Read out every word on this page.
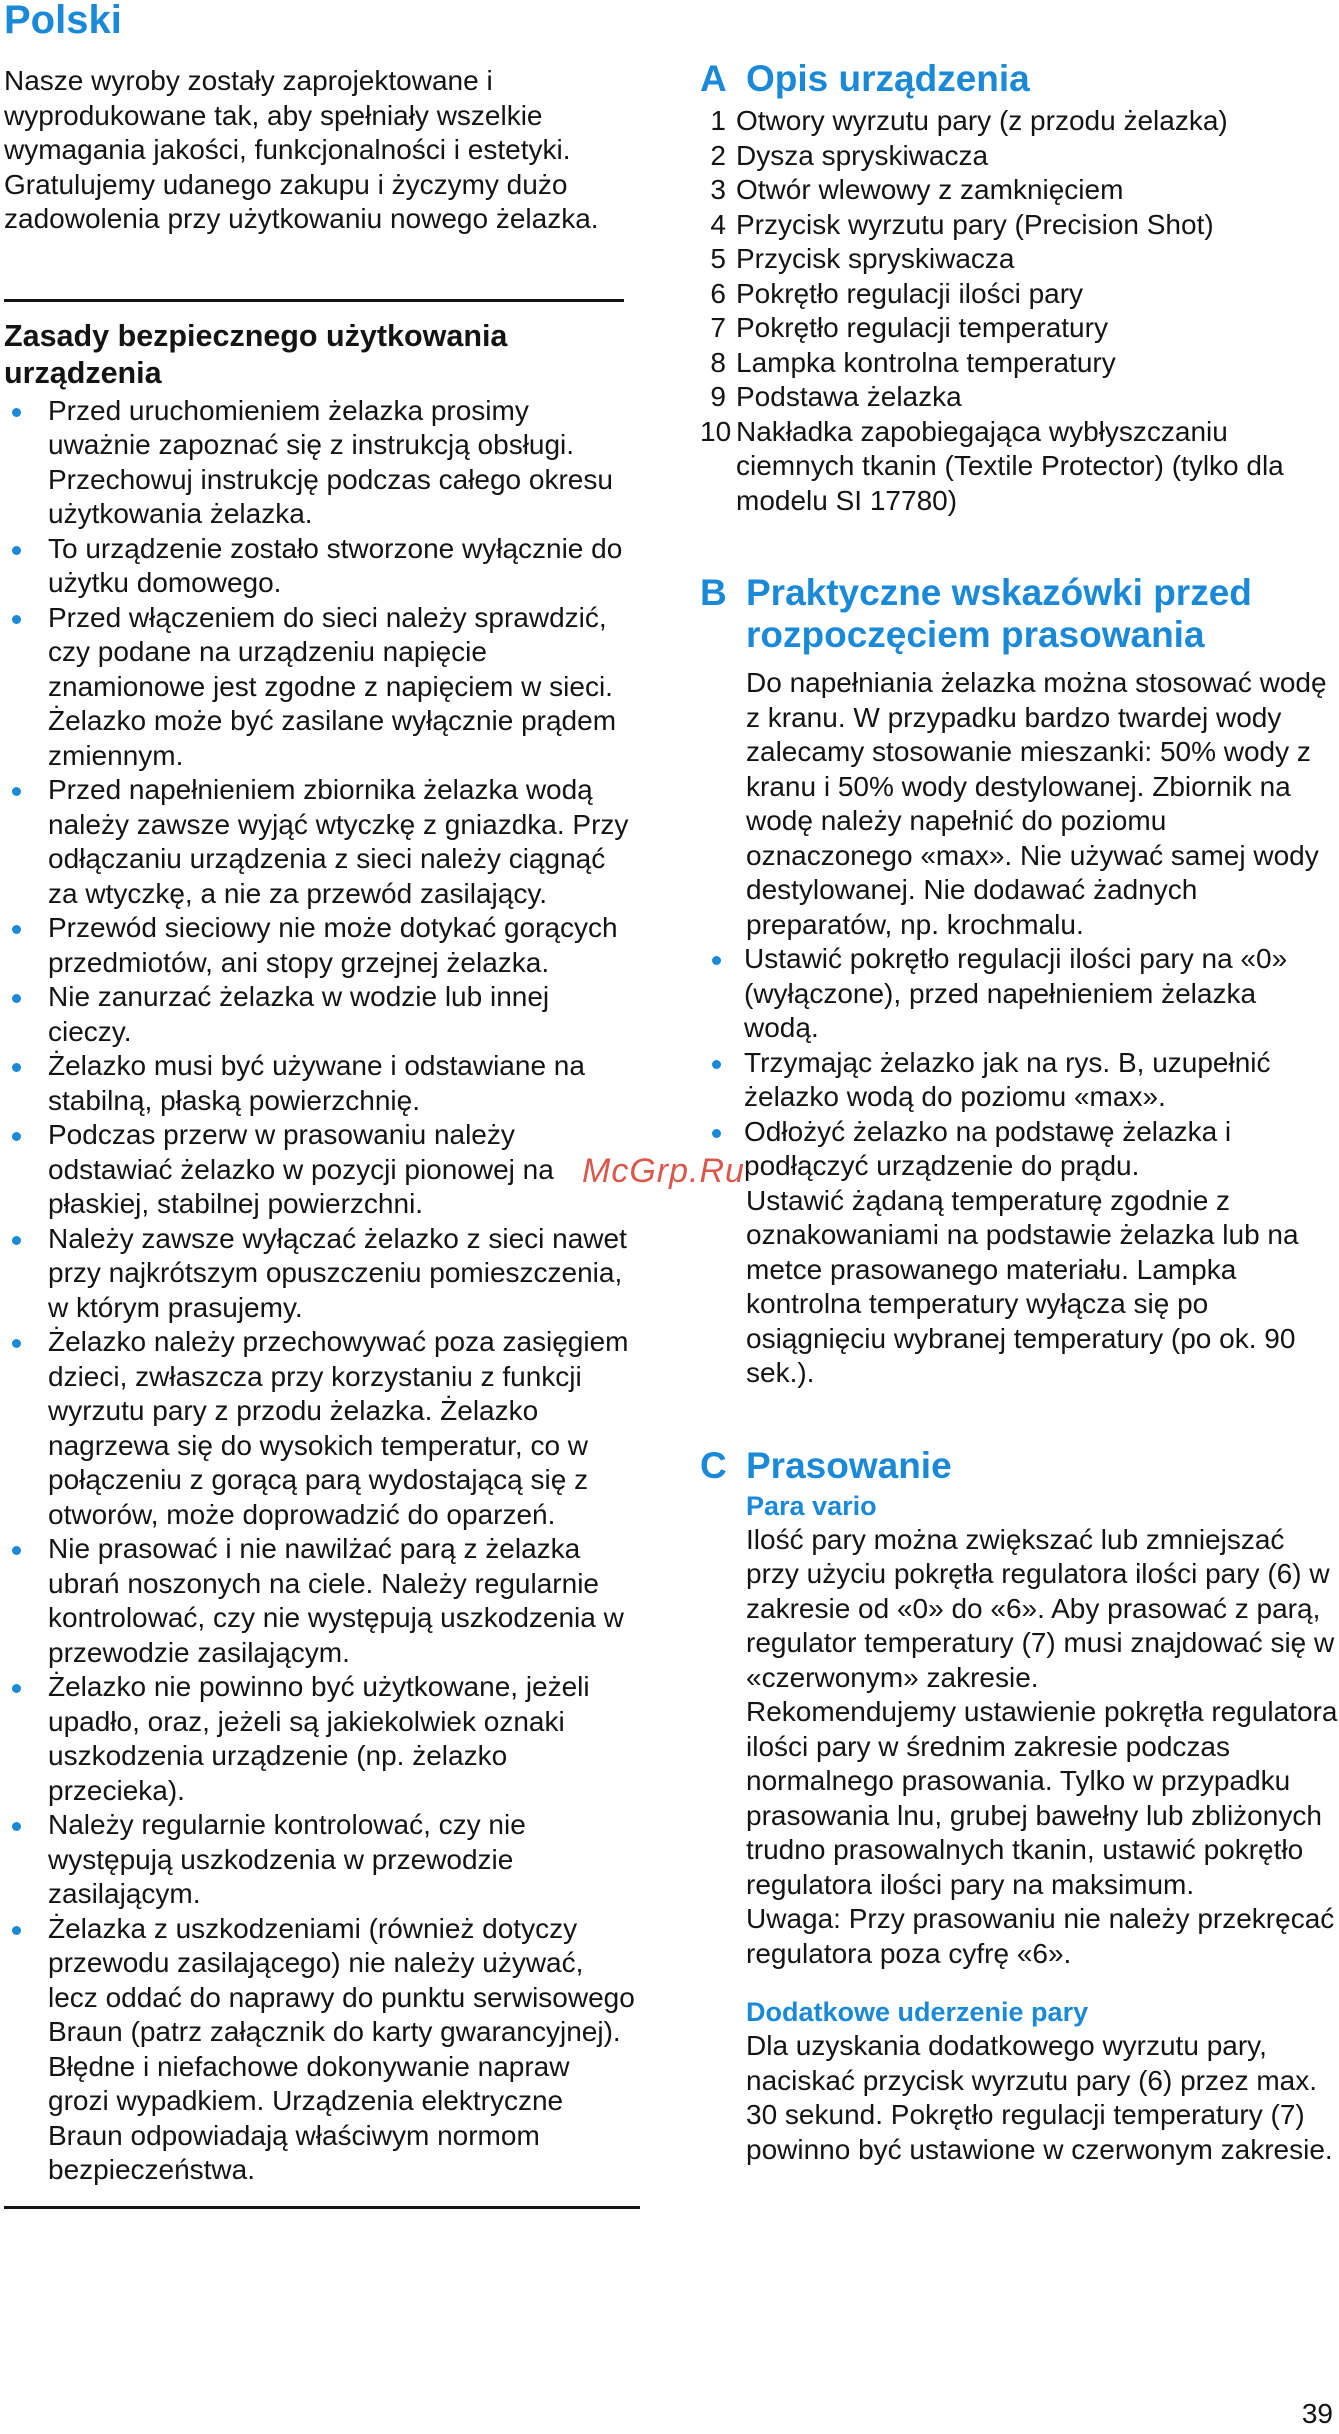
Polski

Nasze wyroby zostały zaprojektowane i wyprodukowane tak, aby spełniały wszelkie wymagania jakości, funkcjonalności i estetyki. Gratulujemy udanego zakupu i życzymy dużo zadowolenia przy użytkowaniu nowego żelazka.

Zasady bezpiecznego użytkowania urządzenia
Przed uruchomieniem żelazka prosimy uważnie zapoznać się z instrukcją obsługi. Przechowuj instrukcję podczas całego okresu użytkowania żelazka.
To urządzenie zostało stworzone wyłącznie do użytku domowego.
Przed włączeniem do sieci należy sprawdzić, czy podane na urządzeniu napięcie znamionowe jest zgodne z napięciem w sieci. Żelazko może być zasilane wyłącznie prądem zmiennym.
Przed napełnieniem zbiornika żelazka wodą należy zawsze wyjąć wtyczkę z gniazdka. Przy odłączaniu urządzenia z sieci należy ciągnąć za wtyczkę, a nie za przewód zasilający.
Przewód sieciowy nie może dotykać gorących przedmiotów, ani stopy grzejnej żelazka.
Nie zanurzać żelazka w wodzie lub innej cieczy.
Żelazko musi być używane i odstawiane na stabilną, płaską powierzchnię.
Podczas przerw w prasowaniu należy odstawiać żelazko w pozycji pionowej na płaskiej, stabilnej powierzchni.
Należy zawsze wyłączać żelazko z sieci nawet przy najkrótszym opuszczeniu pomieszczenia, w którym prasujemy.
Żelazko należy przechowywać poza zasięgiem dzieci, zwłaszcza przy korzystaniu z funkcji wyrzutu pary z przodu żelazka. Żelazko nagrzewa się do wysokich temperatur, co w połączeniu z gorącą parą wydostającą się z otworów, może doprowadzić do oparzeń.
Nie prasować i nie nawilżać parą z żelazka ubrań noszonych na ciele. Należy regularnie kontrolować, czy nie występują uszkodzenia w przewodzie zasilającym.
Żelazko nie powinno być użytkowane, jeżeli upadło, oraz, jeżeli są jakiekolwiek oznaki uszkodzenia urządzenie (np. żelazko przecieka).
Należy regularnie kontrolować, czy nie występują uszkodzenia w przewodzie zasilającym.
Żelazka z uszkodzeniami (również dotyczy przewodu zasilającego) nie należy używać, lecz oddać do naprawy do punktu serwisowego Braun (patrz załącznik do karty gwarancyjnej). Błędne i niefachowe dokonywanie napraw grozi wypadkiem. Urządzenia elektryczne Braun odpowiadają właściwym normom bezpieczeństwa.
A Opis urządzenia
1 Otwory wyrzutu pary (z przodu żelazka)
2 Dysza spryskiwacza
3 Otwór wlewowy z zamknięciem
4 Przycisk wyrzutu pary (Precision Shot)
5 Przycisk spryskiwacza
6 Pokrętło regulacji ilości pary
7 Pokrętło regulacji temperatury
8 Lampka kontrolna temperatury
9 Podstawa żelazka
10 Nakładka zapobiegająca wybłyszczaniu ciemnych tkanin (Textile Protector) (tylko dla modelu SI 17780)
B Praktyczne wskazówki przed rozpoczęciem prasowania

Do napełniania żelazka można stosować wodę z kranu. W przypadku bardzo twardej wody zalecamy stosowanie mieszanki: 50% wody z kranu i 50% wody destylowanej. Zbiornik na wodę należy napełnić do poziomu oznaczonego «max». Nie używać samej wody destylowanej. Nie dodawać żadnych preparatów, np. krochmalu.

Ustawić pokrętło regulacji ilości pary na «0» (wyłączone), przed napełnieniem żelazka wodą.
Trzymając żelazko jak na rys. B, uzupełnić żelazko wodą do poziomu «max».
Odłożyć żelazko na podstawę żelazka i podłączyć urządzenie do prądu.

Ustawić żądaną temperaturę zgodnie z oznakowaniami na podstawie żelazka lub na metce prasowanego materiału. Lampka kontrolna temperatury wyłącza się po osiągnięciu wybranej temperatury (po ok. 90 sek.).

C Prasowanie
Para vario

Ilość pary można zwiększać lub zmniejszać przy użyciu pokrętła regulatora ilości pary (6) w zakresie od «0» do «6». Aby prasować z parą, regulator temperatury (7) musi znajdować się w «czerwonym» zakresie.

Rekomendujemy ustawienie pokrętła regulatora ilości pary w średnim zakresie podczas normalnego prasowania. Tylko w przypadku prasowania lnu, grubej bawełny lub zbliżonych trudno prasowalnych tkanin, ustawić pokrętło regulatora ilości pary na maksimum.

Uwaga: Przy prasowaniu nie należy przekręcać regulatora poza cyfrę «6».

Dodatkowe uderzenie pary

Dla uzyskania dodatkowego wyrzutu pary, naciskać przycisk wyrzutu pary (6) przez max. 30 sekund. Pokrętło regulacji temperatury (7) powinno być ustawione w czerwonym zakresie.

McGrp.Ru
39
